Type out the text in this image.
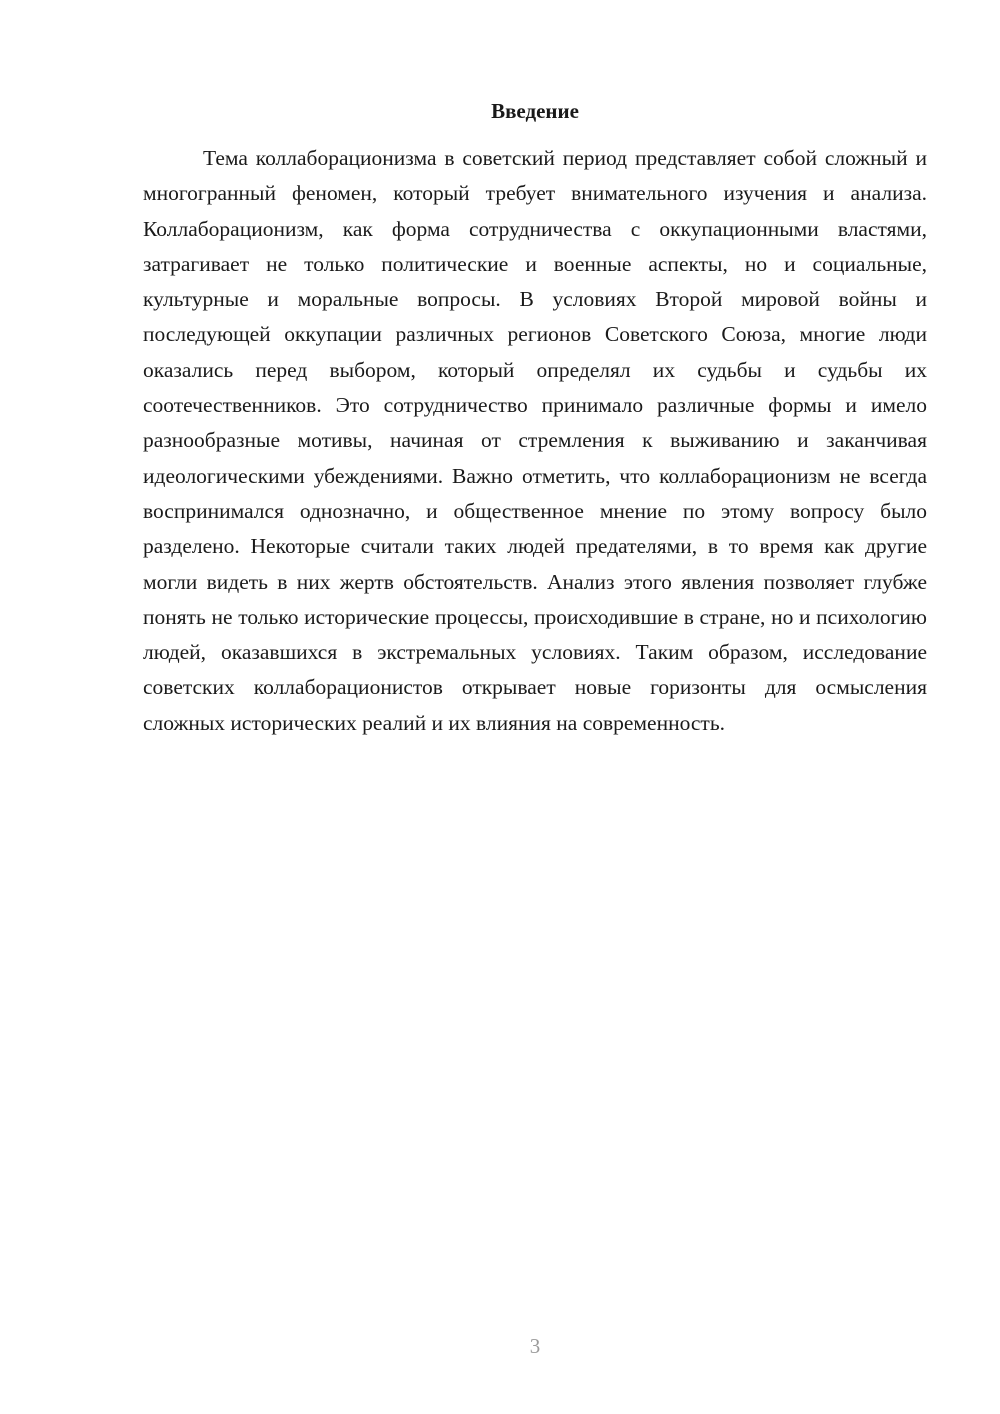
Введение

Тема коллаборационизма в советский период представляет собой сложный и многогранный феномен, который требует внимательного изучения и анализа. Коллаборационизм, как форма сотрудничества с оккупационными властями, затрагивает не только политические и военные аспекты, но и социальные, культурные и моральные вопросы. В условиях Второй мировой войны и последующей оккупации различных регионов Советского Союза, многие люди оказались перед выбором, который определял их судьбы и судьбы их соотечественников. Это сотрудничество принимало различные формы и имело разнообразные мотивы, начиная от стремления к выживанию и заканчивая идеологическими убеждениями. Важно отметить, что коллаборационизм не всегда воспринимался однозначно, и общественное мнение по этому вопросу было разделено. Некоторые считали таких людей предателями, в то время как другие могли видеть в них жертв обстоятельств. Анализ этого явления позволяет глубже понять не только исторические процессы, происходившие в стране, но и психологию людей, оказавшихся в экстремальных условиях. Таким образом, исследование советских коллаборационистов открывает новые горизонты для осмысления сложных исторических реалий и их влияния на современность.

3
